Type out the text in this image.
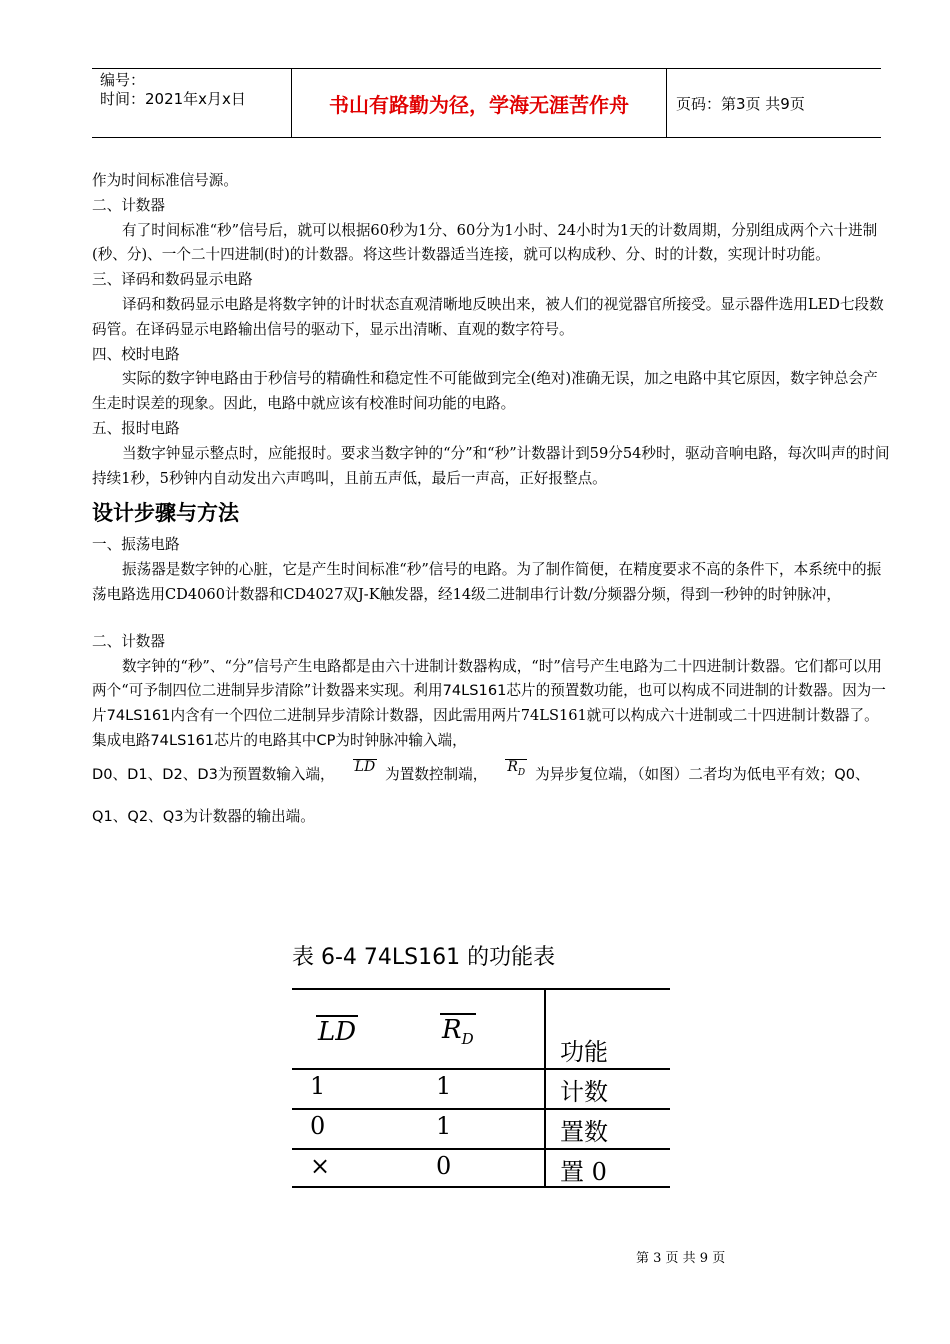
编号：
时间：2021年x月x日	书山有路勤为径，学海无涯苦作舟	页码：第3页 共9页

作为时间标准信号源。

二、计数器

有了时间标准“秒”信号后，就可以根据60秒为1分、60分为1小时、24小时为1天的计数周期，分别组成两个六十进制(秒、分)、一个二十四进制(时)的计数器。将这些计数器适当连接，就可以构成秒、分、时的计数，实现计时功能。

三、译码和数码显示电路

译码和数码显示电路是将数字钟的计时状态直观清晰地反映出来，被人们的视觉器官所接受。显示器件选用LED七段数码管。在译码显示电路输出信号的驱动下，显示出清晰、直观的数字符号。

四、校时电路

实际的数字钟电路由于秒信号的精确性和稳定性不可能做到完全(绝对)准确无误，加之电路中其它原因，数字钟总会产生走时误差的现象。因此，电路中就应该有校准时间功能的电路。

五、报时电路

当数字钟显示整点时，应能报时。要求当数字钟的“分”和“秒”计数器计到59分54秒时，驱动音响电路，每次叫声的时间持续1秒，5秒钟内自动发出六声鸣叫，且前五声低，最后一声高，正好报整点。

设计步骤与方法

一、振荡电路

振荡器是数字钟的心脏，它是产生时间标准“秒”信号的电路。为了制作简便，在精度要求不高的条件下，本系统中的振荡电路选用CD4060计数器和CD4027双J-K触发器，经14级二进制串行计数/分频器分频，得到一秒钟的时钟脉冲，

二、计数器

数字钟的“秒”、“分”信号产生电路都是由六十进制计数器构成，“时”信号产生电路为二十四进制计数器。它们都可以用两个“可予制四位二进制异步清除”计数器来实现。利用74LS161芯片的预置数功能，也可以构成不同进制的计数器。因为一片74LS161内含有一个四位二进制异步清除计数器，因此需用两片74LS161就可以构成六十进制或二十四进制计数器了。集成电路74LS161芯片的电路其中CP为时钟脉冲输入端，

D0、D1、D2、D3为预置数输入端， LD 为置数控制端， $R_D$ 为异步复位端，（如图）二者均为低电平有效；Q0、Q1、Q2、Q3为计数器的输出端。

表 6-4 74LS161 的功能表
LD	$R_D$	功能
1	1	计数
0	1	置数
×	0	置 0
第 3 页 共 9 页
